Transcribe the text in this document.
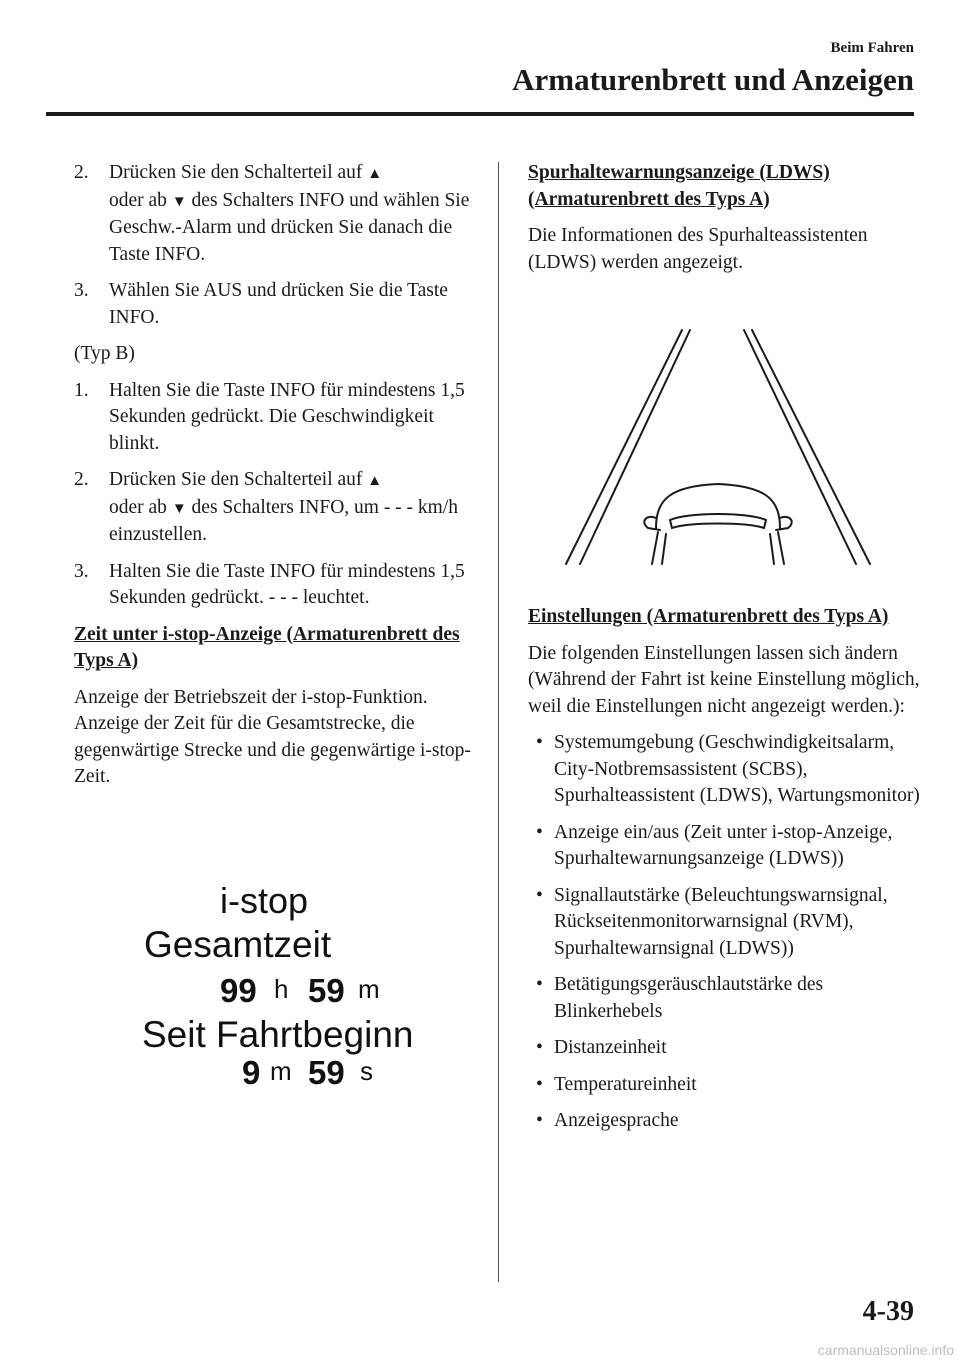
Beim Fahren
Armaturenbrett und Anzeigen
2. Drücken Sie den Schalterteil auf ▲
oder ab ▼ des Schalters INFO und wählen Sie Geschw.-Alarm und drücken Sie danach die Taste INFO.
3. Wählen Sie AUS und drücken Sie die Taste INFO.
(Typ B)
1. Halten Sie die Taste INFO für mindestens 1,5 Sekunden gedrückt. Die Geschwindigkeit blinkt.
2. Drücken Sie den Schalterteil auf ▲
oder ab ▼ des Schalters INFO, um - - - km/h einzustellen.
3. Halten Sie die Taste INFO für mindestens 1,5 Sekunden gedrückt. - - - leuchtet.
Zeit unter i-stop-Anzeige (Armaturenbrett des Typs A)
Anzeige der Betriebszeit der i-stop-Funktion.
Anzeige der Zeit für die Gesamtstrecke, die gegenwärtige Strecke und die gegenwärtige i-stop-Zeit.
i-stop
Gesamtzeit
99 h 59 m
Seit Fahrtbeginn
9 m 59 s
Spurhaltewarnungsanzeige (LDWS) (Armaturenbrett des Typs A)
Die Informationen des Spurhalteassistenten (LDWS) werden angezeigt.
Einstellungen (Armaturenbrett des Typs A)
Die folgenden Einstellungen lassen sich ändern (Während der Fahrt ist keine Einstellung möglich, weil die Einstellungen nicht angezeigt werden.):
• Systemumgebung (Geschwindigkeitsalarm, City-Notbremsassistent (SCBS), Spurhalteassistent (LDWS), Wartungsmonitor)
• Anzeige ein/aus (Zeit unter i-stop-Anzeige, Spurhaltewarnungsanzeige (LDWS))
• Signallautstärke (Beleuchtungswarnsignal, Rückseitenmonitorwarnsignal (RVM), Spurhaltewarnsignal (LDWS))
• Betätigungsgeräuschlautstärke des Blinkerhebels
• Distanzeinheit
• Temperatureinheit
• Anzeigesprache
4-39
carmanualsonline.info
